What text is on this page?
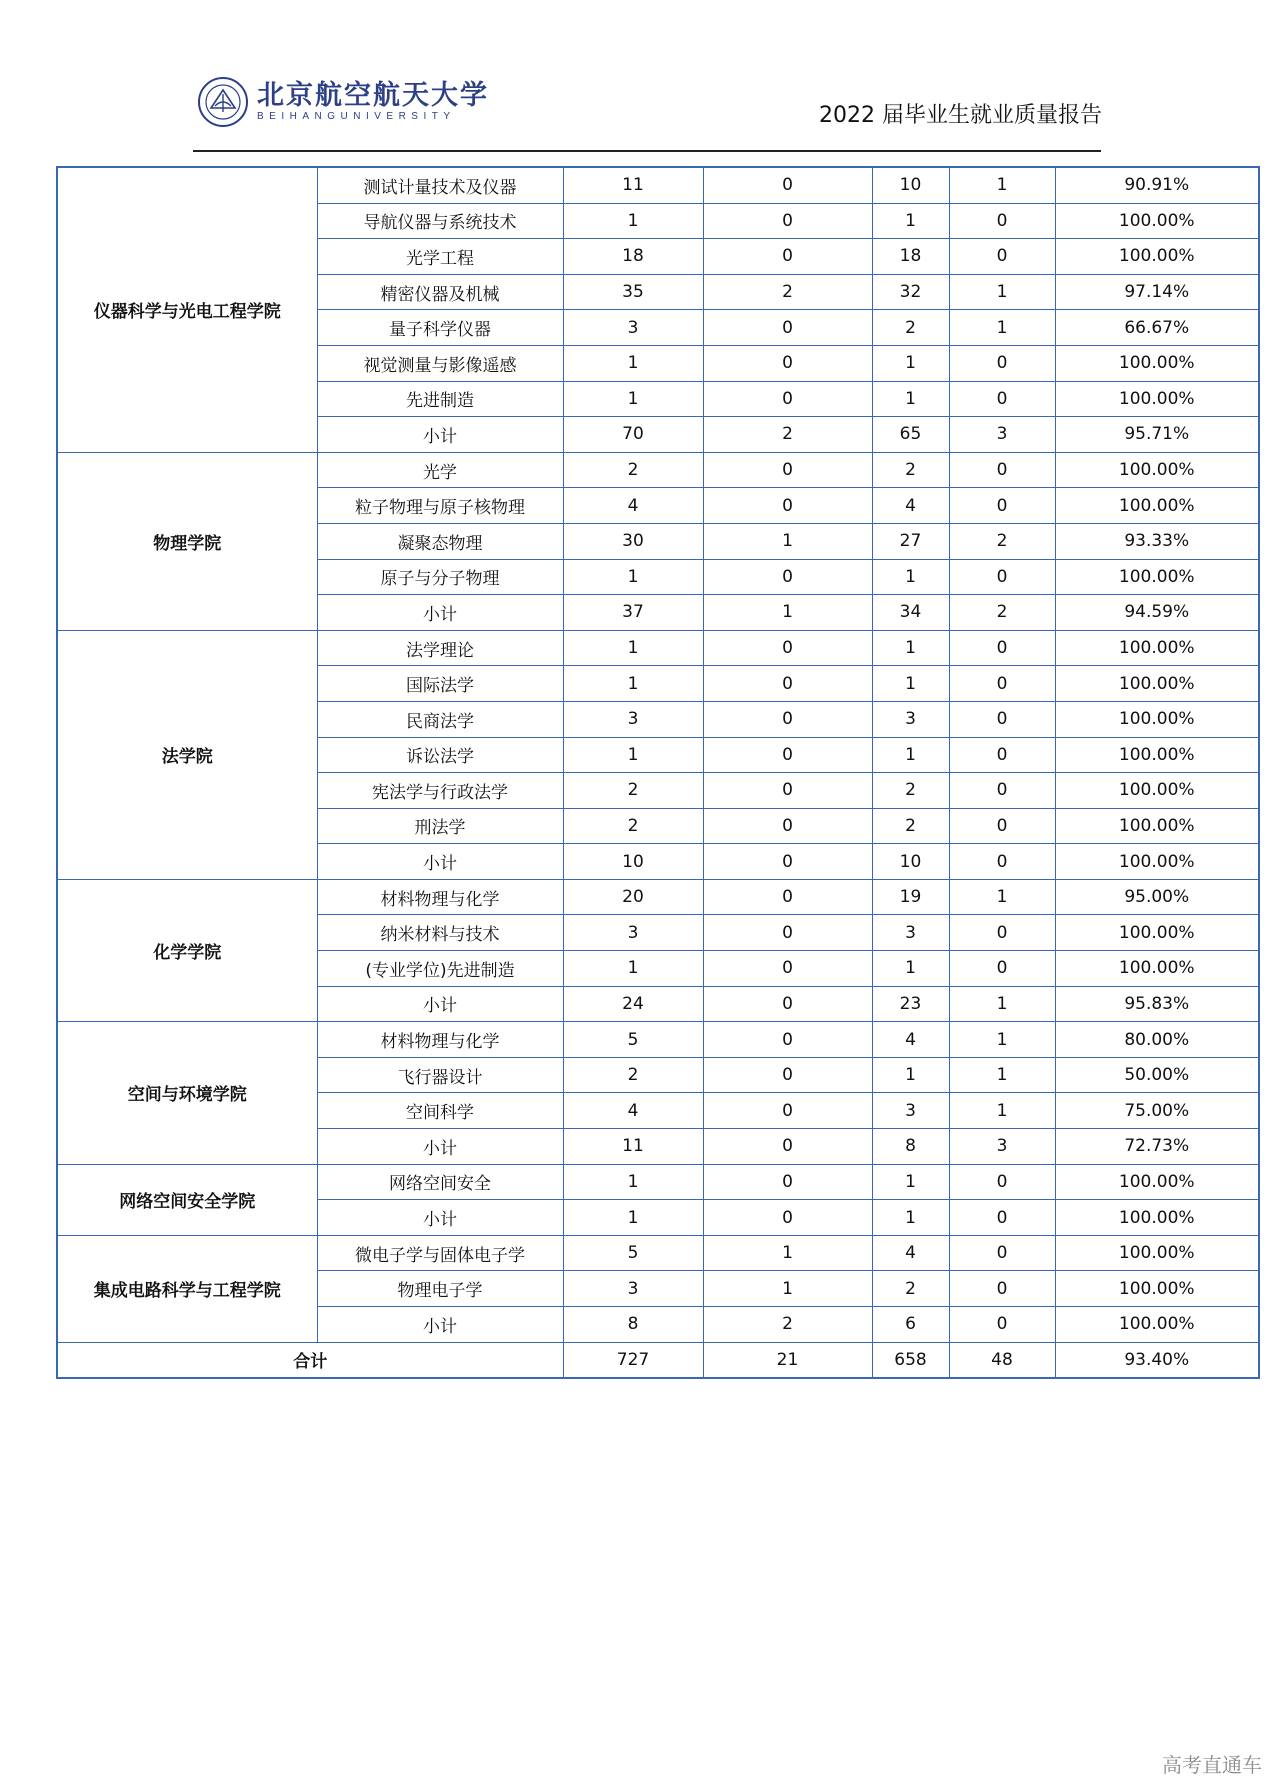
北京航空航天大学
BEIHANGUNIVERSITY	2022 届毕业生就业质量报告
仪器科学与光电工程学院	测试计量技术及仪器	11	0	10	1	90.91%
	导航仪器与系统技术	1	0	1	0	100.00%
	光学工程	18	0	18	0	100.00%
	精密仪器及机械	35	2	32	1	97.14%
	量子科学仪器	3	0	2	1	66.67%
	视觉测量与影像遥感	1	0	1	0	100.00%
	先进制造	1	0	1	0	100.00%
	小计	70	2	65	3	95.71%
物理学院	光学	2	0	2	0	100.00%
	粒子物理与原子核物理	4	0	4	0	100.00%
	凝聚态物理	30	1	27	2	93.33%
	原子与分子物理	1	0	1	0	100.00%
	小计	37	1	34	2	94.59%
法学院	法学理论	1	0	1	0	100.00%
	国际法学	1	0	1	0	100.00%
	民商法学	3	0	3	0	100.00%
	诉讼法学	1	0	1	0	100.00%
	宪法学与行政法学	2	0	2	0	100.00%
	刑法学	2	0	2	0	100.00%
	小计	10	0	10	0	100.00%
化学学院	材料物理与化学	20	0	19	1	95.00%
	纳米材料与技术	3	0	3	0	100.00%
	(专业学位)先进制造	1	0	1	0	100.00%
	小计	24	0	23	1	95.83%
空间与环境学院	材料物理与化学	5	0	4	1	80.00%
	飞行器设计	2	0	1	1	50.00%
	空间科学	4	0	3	1	75.00%
	小计	11	0	8	3	72.73%
网络空间安全学院	网络空间安全	1	0	1	0	100.00%
	小计	1	0	1	0	100.00%
集成电路科学与工程学院	微电子学与固体电子学	5	1	4	0	100.00%
	物理电子学	3	1	2	0	100.00%
	小计	8	2	6	0	100.00%
合计		727	21	658	48	93.40%
高考直通车
